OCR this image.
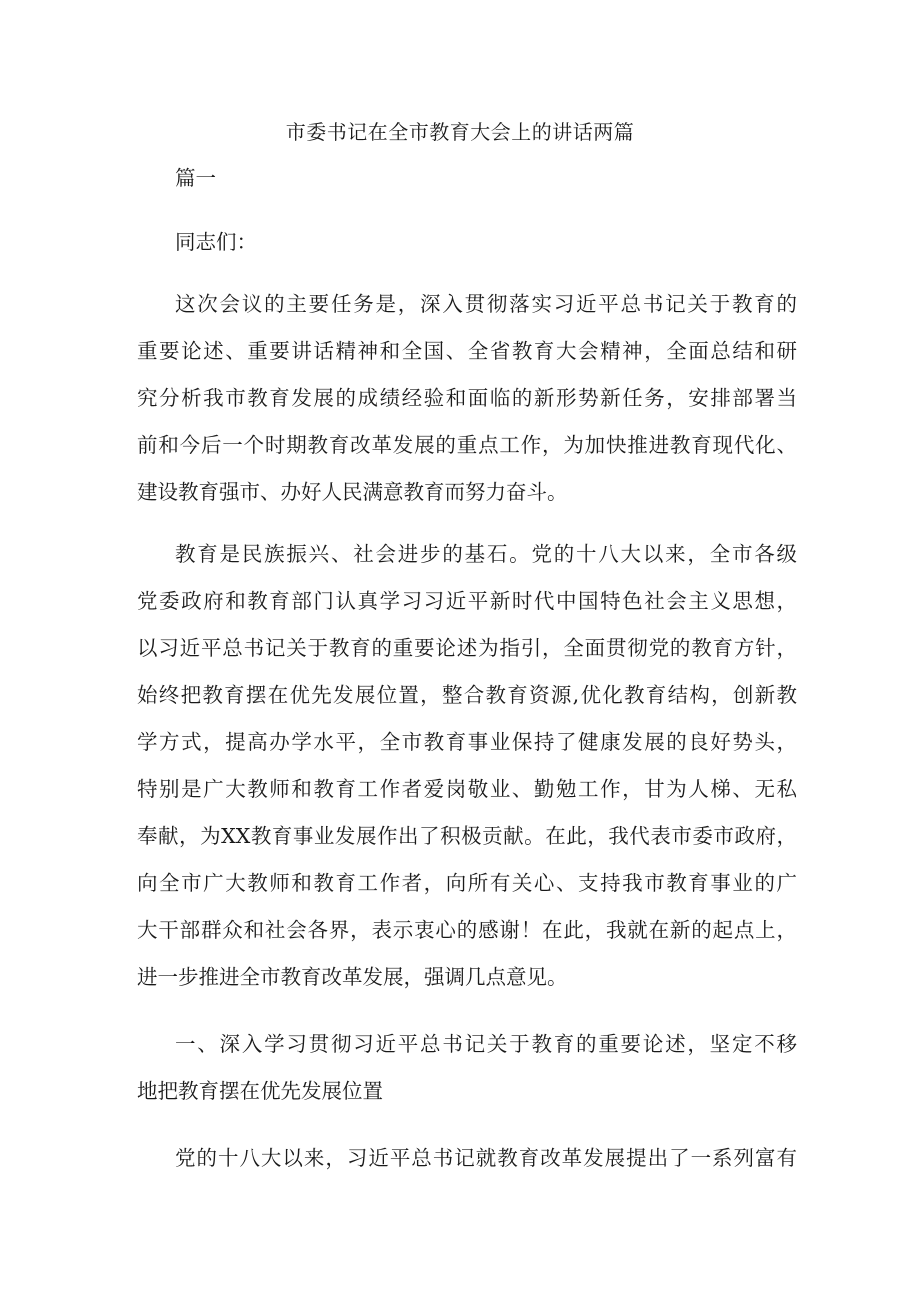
市委书记在全市教育大会上的讲话两篇
篇一
同志们：
这次会议的主要任务是，深入贯彻落实习近平总书记关于教育的
重要论述、重要讲话精神和全国、全省教育大会精神，全面总结和研
究分析我市教育发展的成绩经验和面临的新形势新任务，安排部署当
前和今后一个时期教育改革发展的重点工作，为加快推进教育现代化、
建设教育强市、办好人民满意教育而努力奋斗。
教育是民族振兴、社会进步的基石。党的十八大以来，全市各级
党委政府和教育部门认真学习习近平新时代中国特色社会主义思想，
以习近平总书记关于教育的重要论述为指引，全面贯彻党的教育方针，
始终把教育摆在优先发展位置，整合教育资源,优化教育结构，创新教
学方式，提高办学水平，全市教育事业保持了健康发展的良好势头，
特别是广大教师和教育工作者爱岗敬业、勤勉工作，甘为人梯、无私
奉献，为XX教育事业发展作出了积极贡献。在此，我代表市委市政府，
向全市广大教师和教育工作者，向所有关心、支持我市教育事业的广
大干部群众和社会各界，表示衷心的感谢！在此，我就在新的起点上，
进一步推进全市教育改革发展，强调几点意见。
一、深入学习贯彻习近平总书记关于教育的重要论述，坚定不移
地把教育摆在优先发展位置
党的十八大以来，习近平总书记就教育改革发展提出了一系列富有
